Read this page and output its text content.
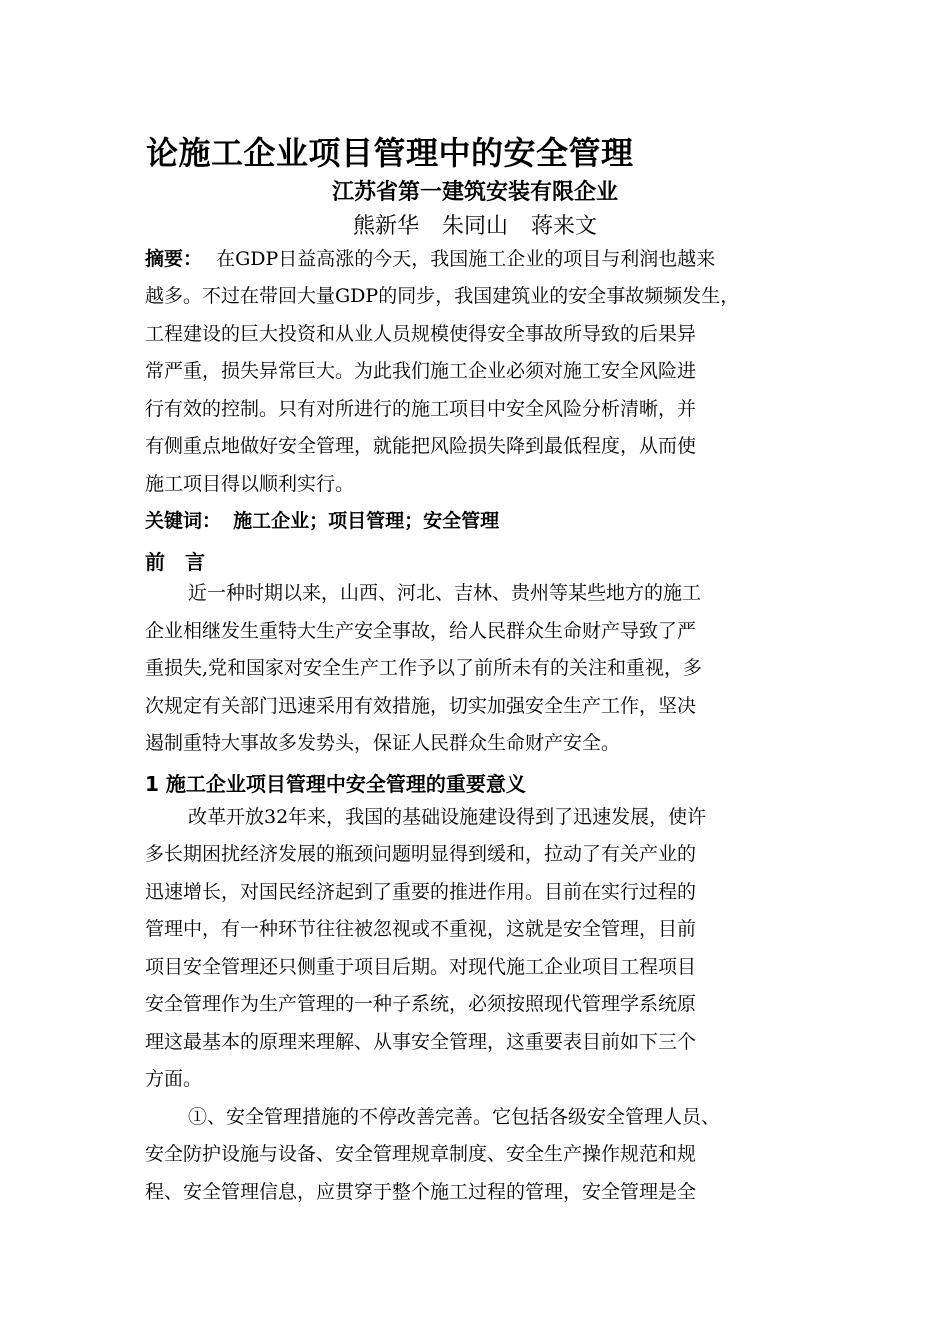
论施工企业项目管理中的安全管理
江苏省第一建筑安装有限企业
熊新华 朱同山 蒋来文
摘要： 在GDP日益高涨的今天，我国施工企业的项目与利润也越来
越多。不过在带回大量GDP的同步，我国建筑业的安全事故频频发生，
工程建设的巨大投资和从业人员规模使得安全事故所导致的后果异
常严重，损失异常巨大。为此我们施工企业必须对施工安全风险进
行有效的控制。只有对所进行的施工项目中安全风险分析清晰，并
有侧重点地做好安全管理，就能把风险损失降到最低程度，从而使
施工项目得以顺利实行。
关键词： 施工企业；项目管理；安全管理
前　言
近一种时期以来，山西、河北、吉林、贵州等某些地方的施工
企业相继发生重特大生产安全事故，给人民群众生命财产导致了严
重损失,党和国家对安全生产工作予以了前所未有的关注和重视，多
次规定有关部门迅速采用有效措施，切实加强安全生产工作，坚决
遏制重特大事故多发势头，保证人民群众生命财产安全。
1 施工企业项目管理中安全管理的重要意义
改革开放32年来，我国的基础设施建设得到了迅速发展，使许
多长期困扰经济发展的瓶颈问题明显得到缓和，拉动了有关产业的
迅速增长，对国民经济起到了重要的推进作用。目前在实行过程的
管理中，有一种环节往往被忽视或不重视，这就是安全管理，目前
项目安全管理还只侧重于项目后期。对现代施工企业项目工程项目
安全管理作为生产管理的一种子系统，必须按照现代管理学系统原
理这最基本的原理来理解、从事安全管理，这重要表目前如下三个
方面。
①、安全管理措施的不停改善完善。它包括各级安全管理人员、
安全防护设施与设备、安全管理规章制度、安全生产操作规范和规
程、安全管理信息，应贯穿于整个施工过程的管理，安全管理是全
